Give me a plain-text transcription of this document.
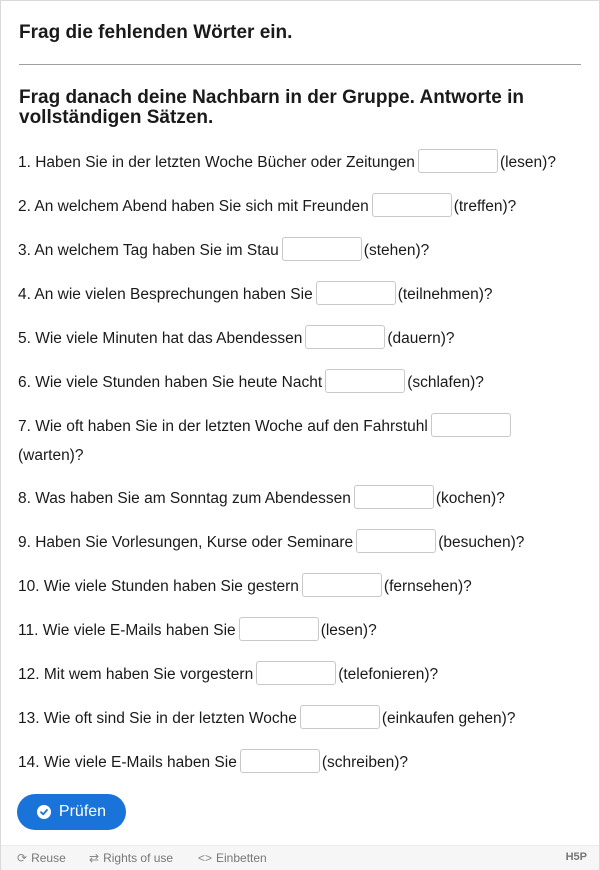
Frag die fehlenden Wörter ein.
Frag danach deine Nachbarn in der Gruppe. Antworte in vollständigen Sätzen.
1. Haben Sie in der letzten Woche Bücher oder Zeitungen	(lesen)?
2. An welchem Abend haben Sie sich mit Freunden	(treffen)?
3. An welchem Tag haben Sie im Stau	(stehen)?
4. An wie vielen Besprechungen haben Sie	(teilnehmen)?
5. Wie viele Minuten hat das Abendessen	(dauern)?
6. Wie viele Stunden haben Sie heute Nacht	(schlafen)?
7. Wie oft haben Sie in der letzten Woche auf den Fahrstuhl(warten)?
8. Was haben Sie am Sonntag zum Abendessen	(kochen)?
9. Haben Sie Vorlesungen, Kurse oder Seminare	(besuchen)?
10. Wie viele Stunden haben Sie gestern	(fernsehen)?
11. Wie viele E-Mails haben Sie	(lesen)?
12. Mit wem haben Sie vorgestern	(telefonieren)?
13. Wie oft sind Sie in der letzten Woche	(einkaufen gehen)?
14. Wie viele E-Mails haben Sie	(schreiben)?
Prüfen
⟳ Reuse ⇄ Rights of use <> Einbetten	H5P
